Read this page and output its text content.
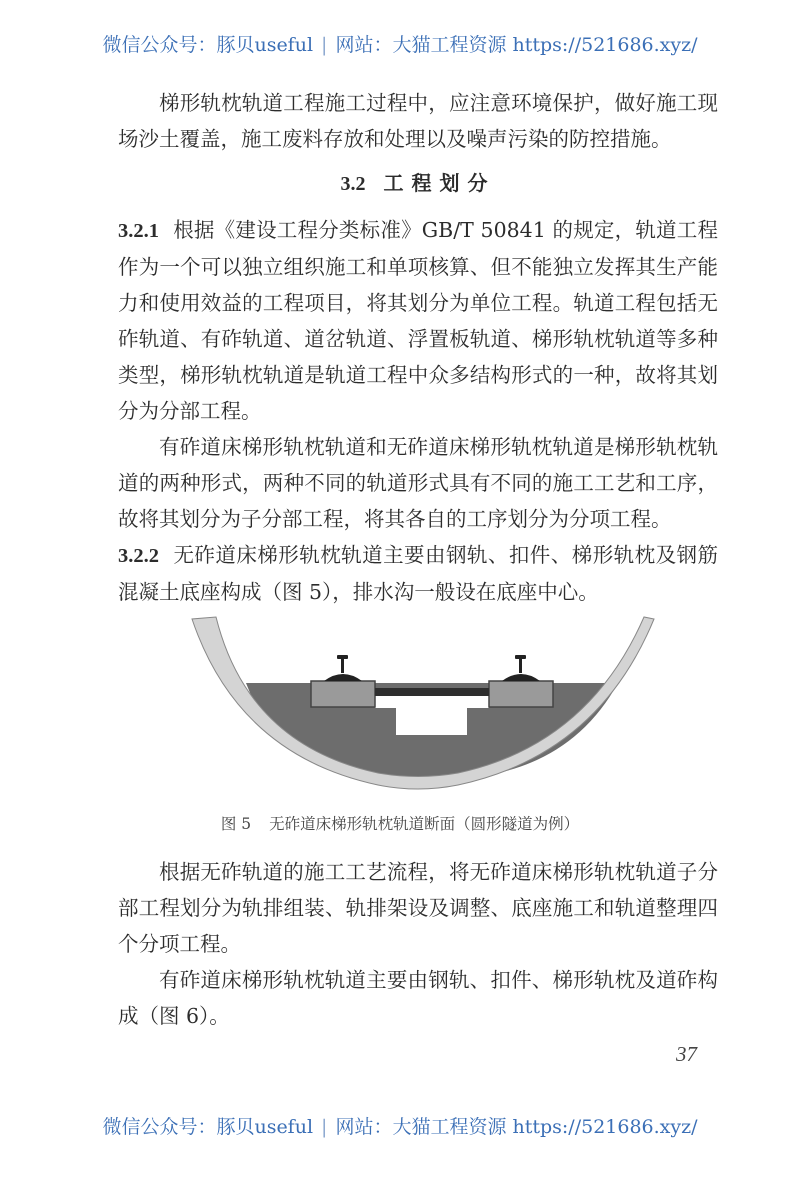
微信公众号：豚贝useful | 网站：大猫工程资源 https://521686.xyz/

梯形轨枕轨道工程施工过程中，应注意环境保护，做好施工现场沙土覆盖，施工废料存放和处理以及噪声污染的防控措施。

3.2 工程划分

3.2.1 根据《建设工程分类标准》GB/T 50841 的规定，轨道工程作为一个可以独立组织施工和单项核算、但不能独立发挥其生产能力和使用效益的工程项目，将其划分为单位工程。轨道工程包括无砟轨道、有砟轨道、道岔轨道、浮置板轨道、梯形轨枕轨道等多种类型，梯形轨枕轨道是轨道工程中众多结构形式的一种，故将其划分为分部工程。

有砟道床梯形轨枕轨道和无砟道床梯形轨枕轨道是梯形轨枕轨道的两种形式，两种不同的轨道形式具有不同的施工工艺和工序，故将其划分为子分部工程，将其各自的工序划分为分项工程。

3.2.2 无砟道床梯形轨枕轨道主要由钢轨、扣件、梯形轨枕及钢筋混凝土底座构成（图 5），排水沟一般设在底座中心。

图 5 无砟道床梯形轨枕轨道断面（圆形隧道为例）

根据无砟轨道的施工工艺流程，将无砟道床梯形轨枕轨道子分部工程划分为轨排组装、轨排架设及调整、底座施工和轨道整理四个分项工程。

有砟道床梯形轨枕轨道主要由钢轨、扣件、梯形轨枕及道砟构成（图 6）。

37
微信公众号：豚贝useful | 网站：大猫工程资源 https://521686.xyz/
